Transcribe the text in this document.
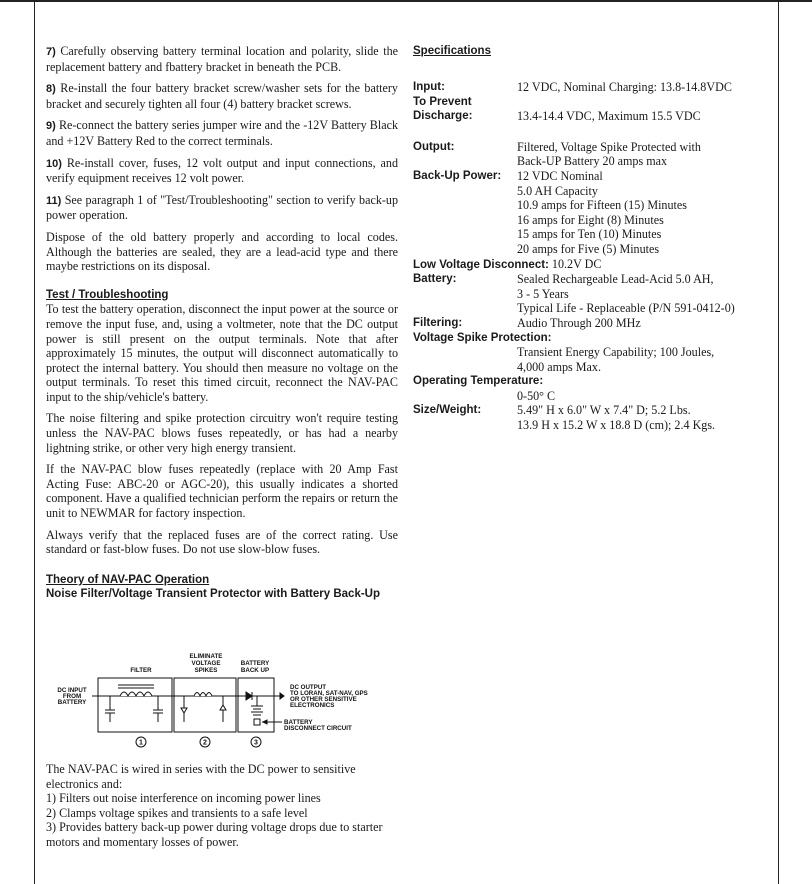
7) Carefully observing battery terminal location and polarity, slide the replacement battery and fbattery bracket in beneath the PCB.

8) Re-install the four battery bracket screw/washer sets for the battery bracket and securely tighten all four (4) battery bracket screws.

9) Re-connect the battery series jumper wire and the -12V Battery Black and +12V Battery Red to the correct terminals.

10) Re-install cover, fuses, 12 volt output and input connections, and verify equipment receives 12 volt power.

11) See paragraph 1 of "Test/Troubleshooting" section to verify back-up power operation.

Dispose of the old battery properly and according to local codes. Although the batteries are sealed, they are a lead-acid type and there maybe restrictions on its disposal.

Test / Troubleshooting

To test the battery operation, disconnect the input power at the source or remove the input fuse, and, using a voltmeter, note that the DC output power is still present on the output terminals. Note that after approximately 15 minutes, the output will disconnect automatically to protect the internal battery. You should then measure no voltage on the output terminals. To reset this timed circuit, reconnect the NAV-PAC input to the ship/vehicle's battery.

The noise filtering and spike protection circuitry won't require testing unless the NAV-PAC blows fuses repeatedly, or has had a nearby lightning strike, or other very high energy transient.

If the NAV-PAC blow fuses repeatedly (replace with 20 Amp Fast Acting Fuse: ABC-20 or AGC-20), this usually indicates a shorted component. Have a qualified technician perform the repairs or return the unit to NEWMAR for factory inspection.

Always verify that the replaced fuses are of the correct rating. Use standard or fast-blow fuses. Do not use slow-blow fuses.

Theory of NAV-PAC Operation
Noise Filter/Voltage Transient Protector with Battery Back-Up
FILTER
ELIMINATE
VOLTAGE
SPIKES
BATTERY
BACK UP
DC INPUT
FROM
BATTERY
DC OUTPUT
TO LORAN, SAT-NAV, GPS
OR OTHER SENSITIVE
ELECTRONICS
BATTERY
DISCONNECT CIRCUIT
1	2	3

The NAV-PAC is wired in series with the DC power to sensitive electronics and:

1) Filters out noise interference on incoming power lines

2) Clamps voltage spikes and transients to a safe level

3) Provides battery back-up power during voltage drops due to starter motors and momentary losses of power.

Specifications
Input:	12 VDC, Nominal Charging: 13.8-14.8VDC
To Prevent
Discharge:	13.4-14.4 VDC, Maximum 15.5 VDC
Output:	Filtered, Voltage Spike Protected with
Back-UP Battery 20 amps max
Back-Up Power:	12 VDC Nominal
5.0 AH Capacity
10.9 amps for Fifteen (15) Minutes
16 amps for Eight (8) Minutes
15 amps for Ten (10) Minutes
20 amps for Five (5) Minutes
Low Voltage Disconnect: 10.2V DC
Battery:	Sealed Rechargeable Lead-Acid 5.0 AH,
3 - 5 Years
Typical Life - Replaceable (P/N 591-0412-0)
Filtering:	Audio Through 200 MHz
Voltage Spike Protection:
Transient Energy Capability; 100 Joules,
4,000 amps Max.
Operating Temperature:
0-50° C
Size/Weight:	5.49" H x 6.0" W x 7.4" D; 5.2 Lbs.
13.9 H x 15.2 W x 18.8 D (cm); 2.4 Kgs.
